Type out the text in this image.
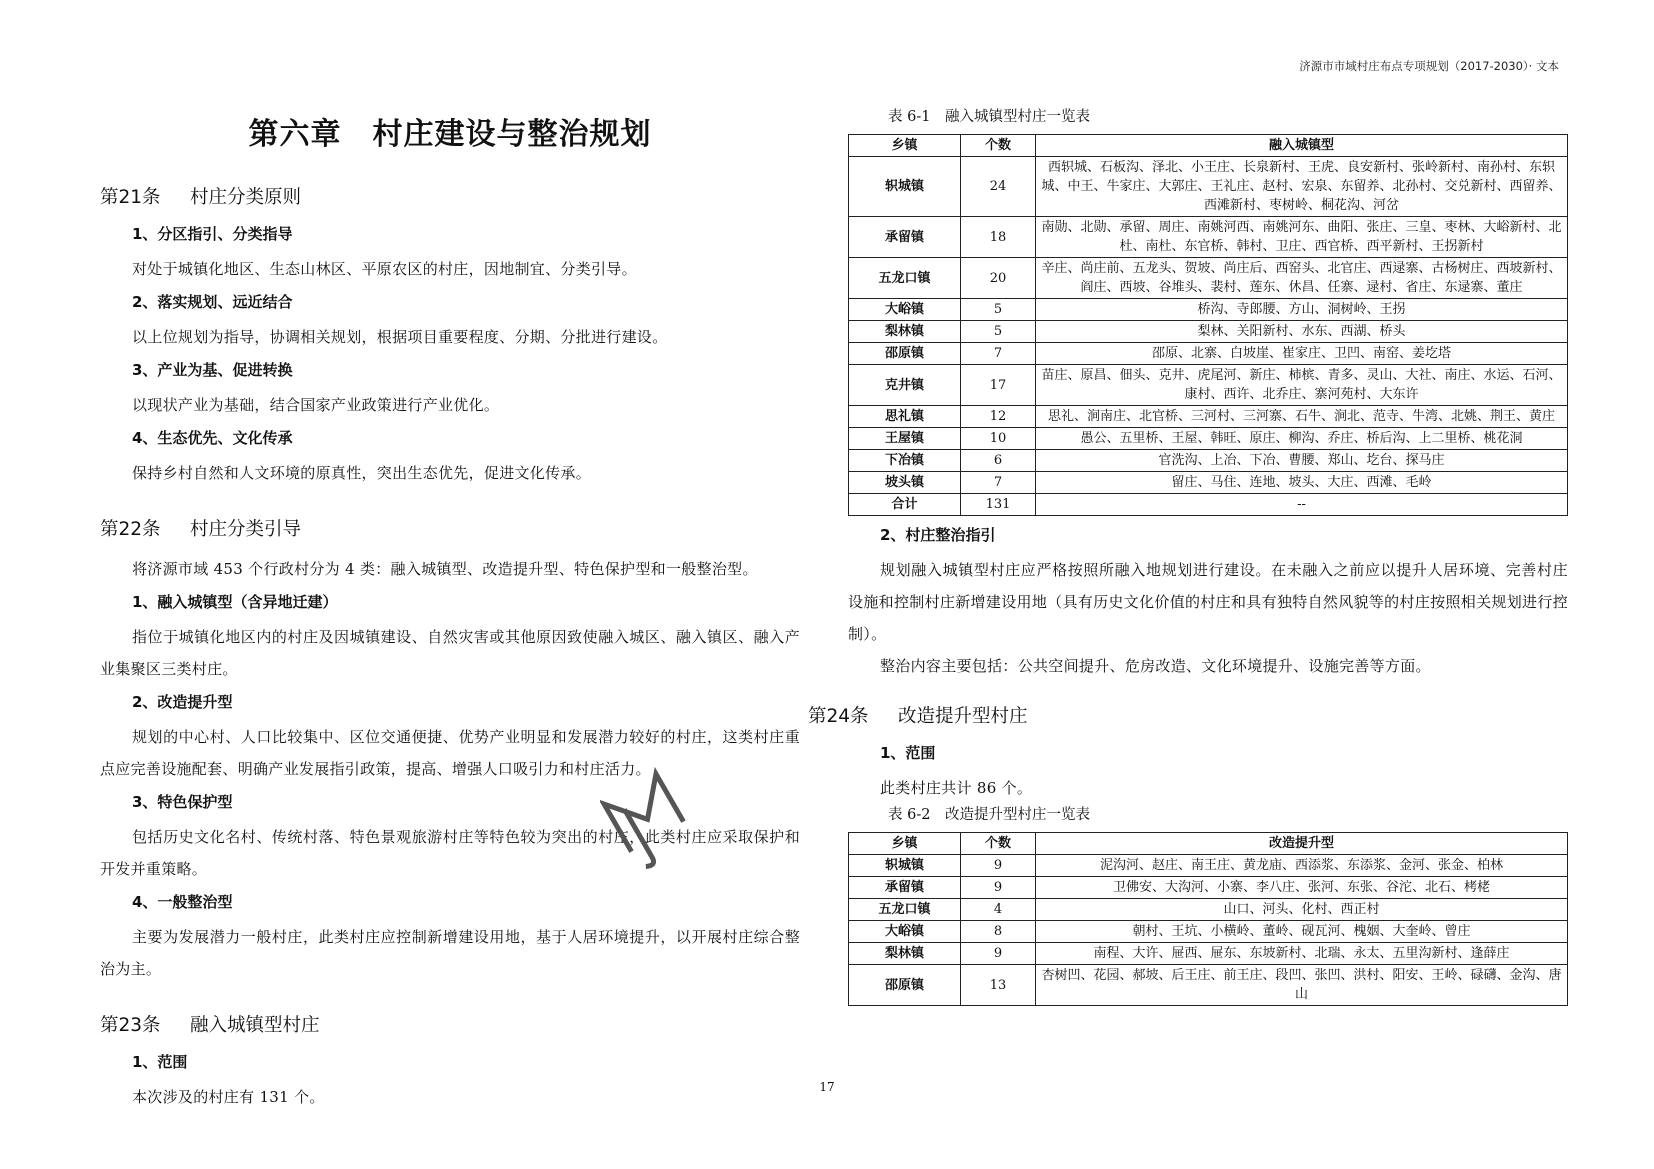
济源市市域村庄布点专项规划（2017-2030）· 文本
第六章　村庄建设与整治规划
第21条	村庄分类原则
1、分区指引、分类指导

对处于城镇化地区、生态山林区、平原农区的村庄，因地制宜、分类引导。

2、落实规划、远近结合

以上位规划为指导，协调相关规划，根据项目重要程度、分期、分批进行建设。

3、产业为基、促进转换

以现状产业为基础，结合国家产业政策进行产业优化。

4、生态优先、文化传承

保持乡村自然和人文环境的原真性，突出生态优先，促进文化传承。

第22条	村庄分类引导

将济源市域 453 个行政村分为 4 类：融入城镇型、改造提升型、特色保护型和一般整治型。

1、融入城镇型（含异地迁建）

指位于城镇化地区内的村庄及因城镇建设、自然灾害或其他原因致使融入城区、融入镇区、融入产业集聚区三类村庄。

2、改造提升型

规划的中心村、人口比较集中、区位交通便捷、优势产业明显和发展潜力较好的村庄，这类村庄重点应完善设施配套、明确产业发展指引政策，提高、增强人口吸引力和村庄活力。

3、特色保护型

包括历史文化名村、传统村落、特色景观旅游村庄等特色较为突出的村庄，此类村庄应采取保护和开发并重策略。

4、一般整治型

主要为发展潜力一般村庄，此类村庄应控制新增建设用地，基于人居环境提升，以开展村庄综合整治为主。

第23条	融入城镇型村庄
1、范围

本次涉及的村庄有 131 个。

表 6-1　融入城镇型村庄一览表
乡镇	个数	融入城镇型
轵城镇	24	西轵城、石板沟、泽北、小王庄、长泉新村、王虎、良安新村、张岭新村、南孙村、东轵城、中王、牛家庄、大郭庄、王礼庄、赵村、宏泉、东留养、北孙村、交兑新村、西留养、西滩新村、枣树岭、桐花沟、河岔
承留镇	18	南勋、北勋、承留、周庄、南姚河西、南姚河东、曲阳、张庄、三皇、枣林、大峪新村、北杜、南杜、东官桥、韩村、卫庄、西官桥、西平新村、王拐新村
五龙口镇	20	辛庄、尚庄前、五龙头、贺坡、尚庄后、西窑头、北官庄、西逯寨、古杨树庄、西坡新村、阎庄、西坡、谷堆头、裴村、莲东、休昌、任寨、逯村、省庄、东逯寨、董庄
大峪镇	5	桥沟、寺郎腰、方山、洞树岭、王拐
梨林镇	5	梨林、关阳新村、水东、西湖、桥头
邵原镇	7	邵原、北寨、白坡崖、崔家庄、卫凹、南窑、姜圪塔
克井镇	17	苗庄、原昌、佃头、克井、虎尾河、新庄、柿槟、青多、灵山、大社、南庄、水运、石河、康村、西许、北乔庄、寨河苑村、大东许
思礼镇	12	思礼、涧南庄、北官桥、三河村、三河寨、石牛、涧北、范寺、牛湾、北姚、荆王、黄庄
王屋镇	10	愚公、五里桥、王屋、韩旺、原庄、柳沟、乔庄、桥后沟、上二里桥、桃花洞
下冶镇	6	官洗沟、上冶、下冶、曹腰、郑山、圪台、探马庄
坡头镇	7	留庄、马住、连地、坡头、大庄、西滩、毛岭
合计	131	--
2、村庄整治指引

规划融入城镇型村庄应严格按照所融入地规划进行建设。在未融入之前应以提升人居环境、完善村庄设施和控制村庄新增建设用地（具有历史文化价值的村庄和具有独特自然风貌等的村庄按照相关规划进行控制）。

整治内容主要包括：公共空间提升、危房改造、文化环境提升、设施完善等方面。

第24条	改造提升型村庄
1、范围

此类村庄共计 86 个。

表 6-2　改造提升型村庄一览表
乡镇	个数	改造提升型
轵城镇	9	泥沟河、赵庄、南王庄、黄龙庙、西添浆、东添浆、金河、张金、柏林
承留镇	9	卫佛安、大沟河、小寨、李八庄、张河、东张、谷沱、北石、栲栳
五龙口镇	4	山口、河头、化村、西正村
大峪镇	8	朝村、王坑、小横岭、董岭、砚瓦河、槐姻、大奎岭、曾庄
梨林镇	9	南程、大许、屉西、屉东、东坡新村、北瑞、永太、五里沟新村、逢薛庄
邵原镇	13	杏树凹、花园、郝坡、后王庄、前王庄、段凹、张凹、洪村、阳安、王岭、碌礴、金沟、唐山
17
